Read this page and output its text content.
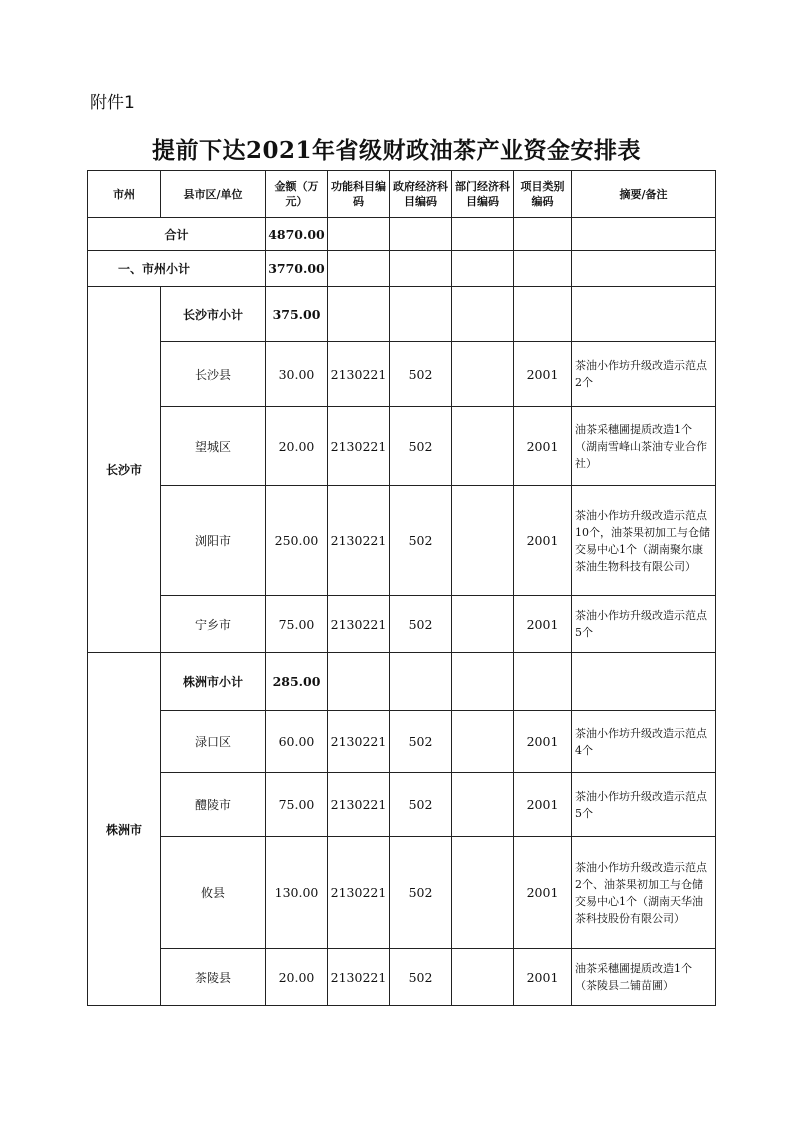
附件1
提前下达2021年省级财政油茶产业资金安排表
市州	县市区/单位	金额（万元）	功能科目编码	政府经济科目编码	部门经济科目编码	项目类别编码	摘要/备注
合计		4870.00					
一、市州小计		3770.00					
长沙市	长沙市小计	375.00					
	长沙县	30.00	2130221	502		2001	茶油小作坊升级改造示范点2个
	望城区	20.00	2130221	502		2001	油茶采穗圃提质改造1个（湖南雪峰山茶油专业合作社）
	浏阳市	250.00	2130221	502		2001	茶油小作坊升级改造示范点10个，油茶果初加工与仓储交易中心1个（湖南聚尔康茶油生物科技有限公司）
	宁乡市	75.00	2130221	502		2001	茶油小作坊升级改造示范点5个
株洲市	株洲市小计	285.00					
	渌口区	60.00	2130221	502		2001	茶油小作坊升级改造示范点4个
	醴陵市	75.00	2130221	502		2001	茶油小作坊升级改造示范点5个
	攸县	130.00	2130221	502		2001	茶油小作坊升级改造示范点2个、油茶果初加工与仓储交易中心1个（湖南天华油茶科技股份有限公司）
	茶陵县	20.00	2130221	502		2001	油茶采穗圃提质改造1个（茶陵县二铺苗圃）
